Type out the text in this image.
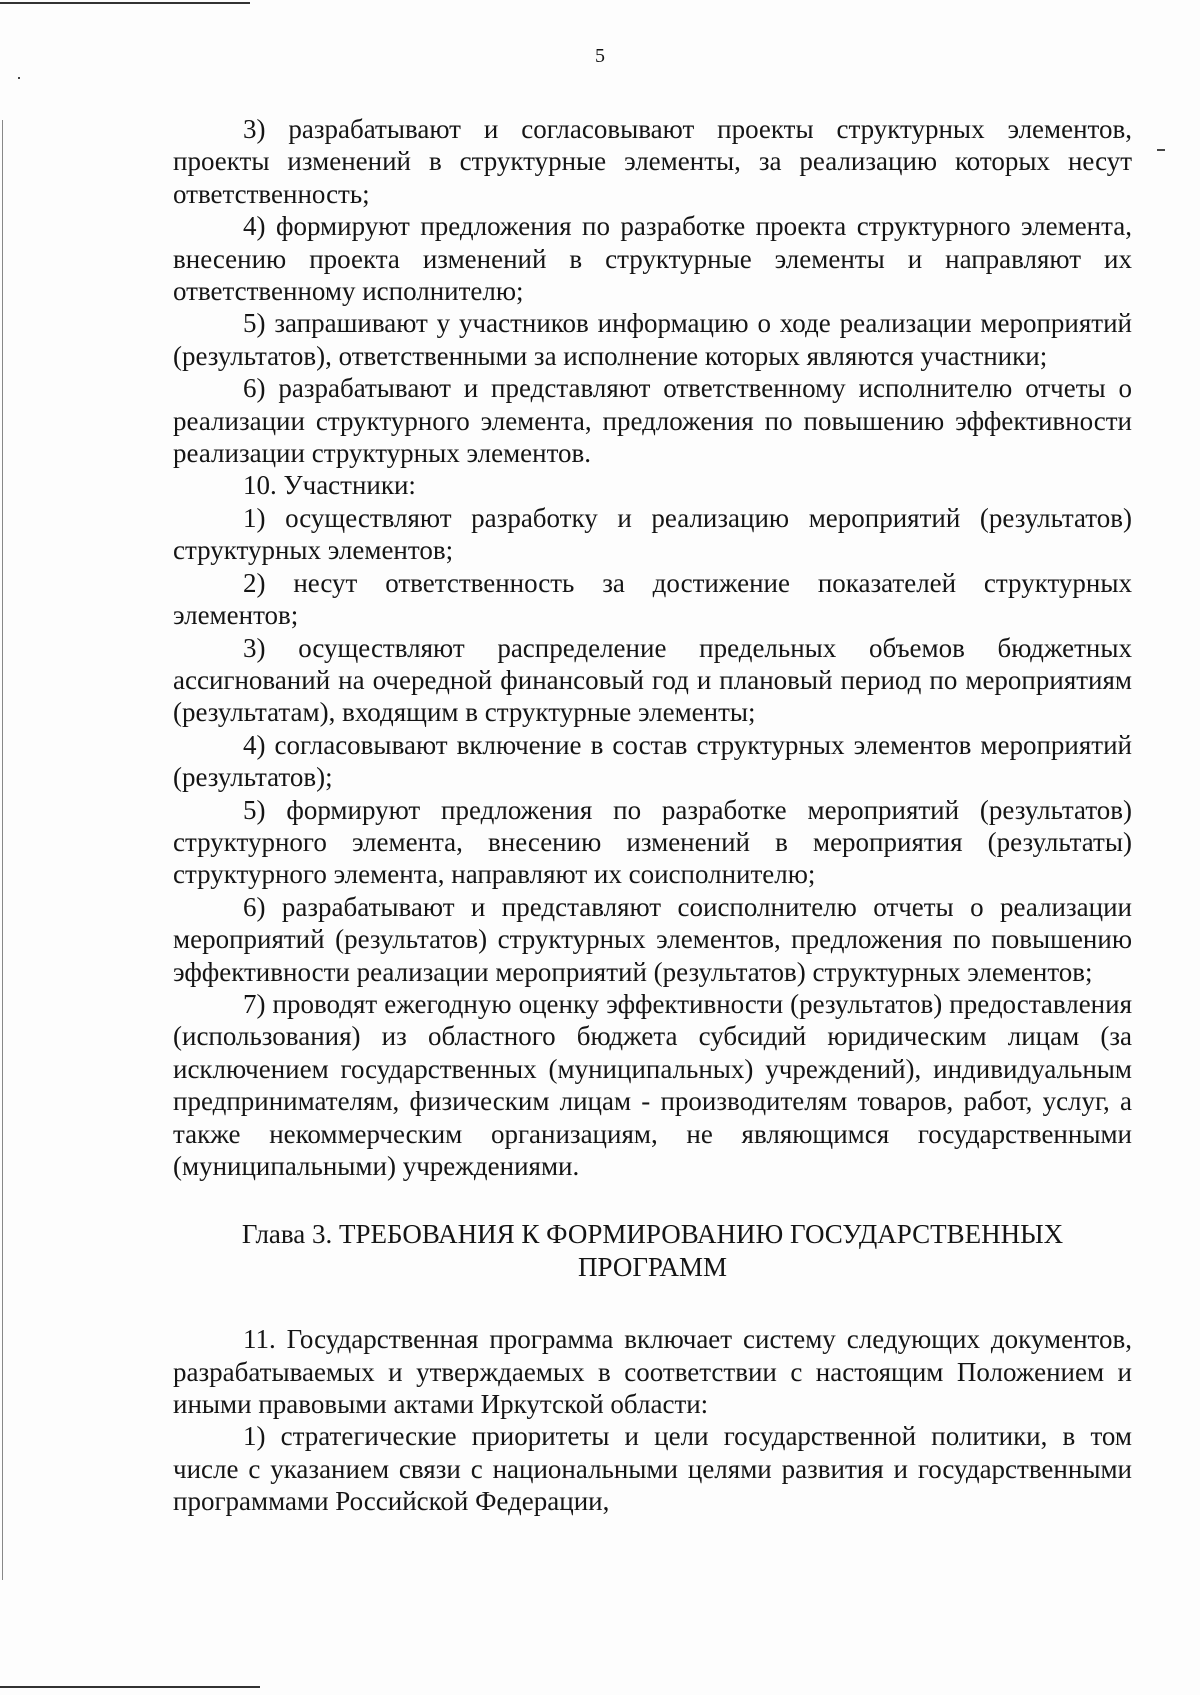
5

3) разрабатывают и согласовывают проекты структурных элементов, проекты изменений в структурные элементы, за реализацию которых несут ответственность;

4) формируют предложения по разработке проекта структурного элемента, внесению проекта изменений в структурные элементы и направляют их ответственному исполнителю;

5) запрашивают у участников информацию о ходе реализации мероприятий (результатов), ответственными за исполнение которых являются участники;

6) разрабатывают и представляют ответственному исполнителю отчеты о реализации структурного элемента, предложения по повышению эффективности реализации структурных элементов.

10. Участники:

1) осуществляют разработку и реализацию мероприятий (результатов) структурных элементов;

2) несут ответственность за достижение показателей структурных элементов;

3) осуществляют распределение предельных объемов бюджетных ассигнований на очередной финансовый год и плановый период по мероприятиям (результатам), входящим в структурные элементы;

4) согласовывают включение в состав структурных элементов мероприятий (результатов);

5) формируют предложения по разработке мероприятий (результатов) структурного элемента, внесению изменений в мероприятия (результаты) структурного элемента, направляют их соисполнителю;

6) разрабатывают и представляют соисполнителю отчеты о реализации мероприятий (результатов) структурных элементов, предложения по повышению эффективности реализации мероприятий (результатов) структурных элементов;

7) проводят ежегодную оценку эффективности (результатов) предоставления (использования) из областного бюджета субсидий юридическим лицам (за исключением государственных (муниципальных) учреждений), индивидуальным предпринимателям, физическим лицам - производителям товаров, работ, услуг, а также некоммерческим организациям, не являющимся государственными (муниципальными) учреждениями.

Глава 3. ТРЕБОВАНИЯ К ФОРМИРОВАНИЮ ГОСУДАРСТВЕННЫХ
ПРОГРАММ

11. Государственная программа включает систему следующих документов, разрабатываемых и утверждаемых в соответствии с настоящим Положением и иными правовыми актами Иркутской области:

1) стратегические приоритеты и цели государственной политики, в том числе с указанием связи с национальными целями развития и государственными программами Российской Федерации,
